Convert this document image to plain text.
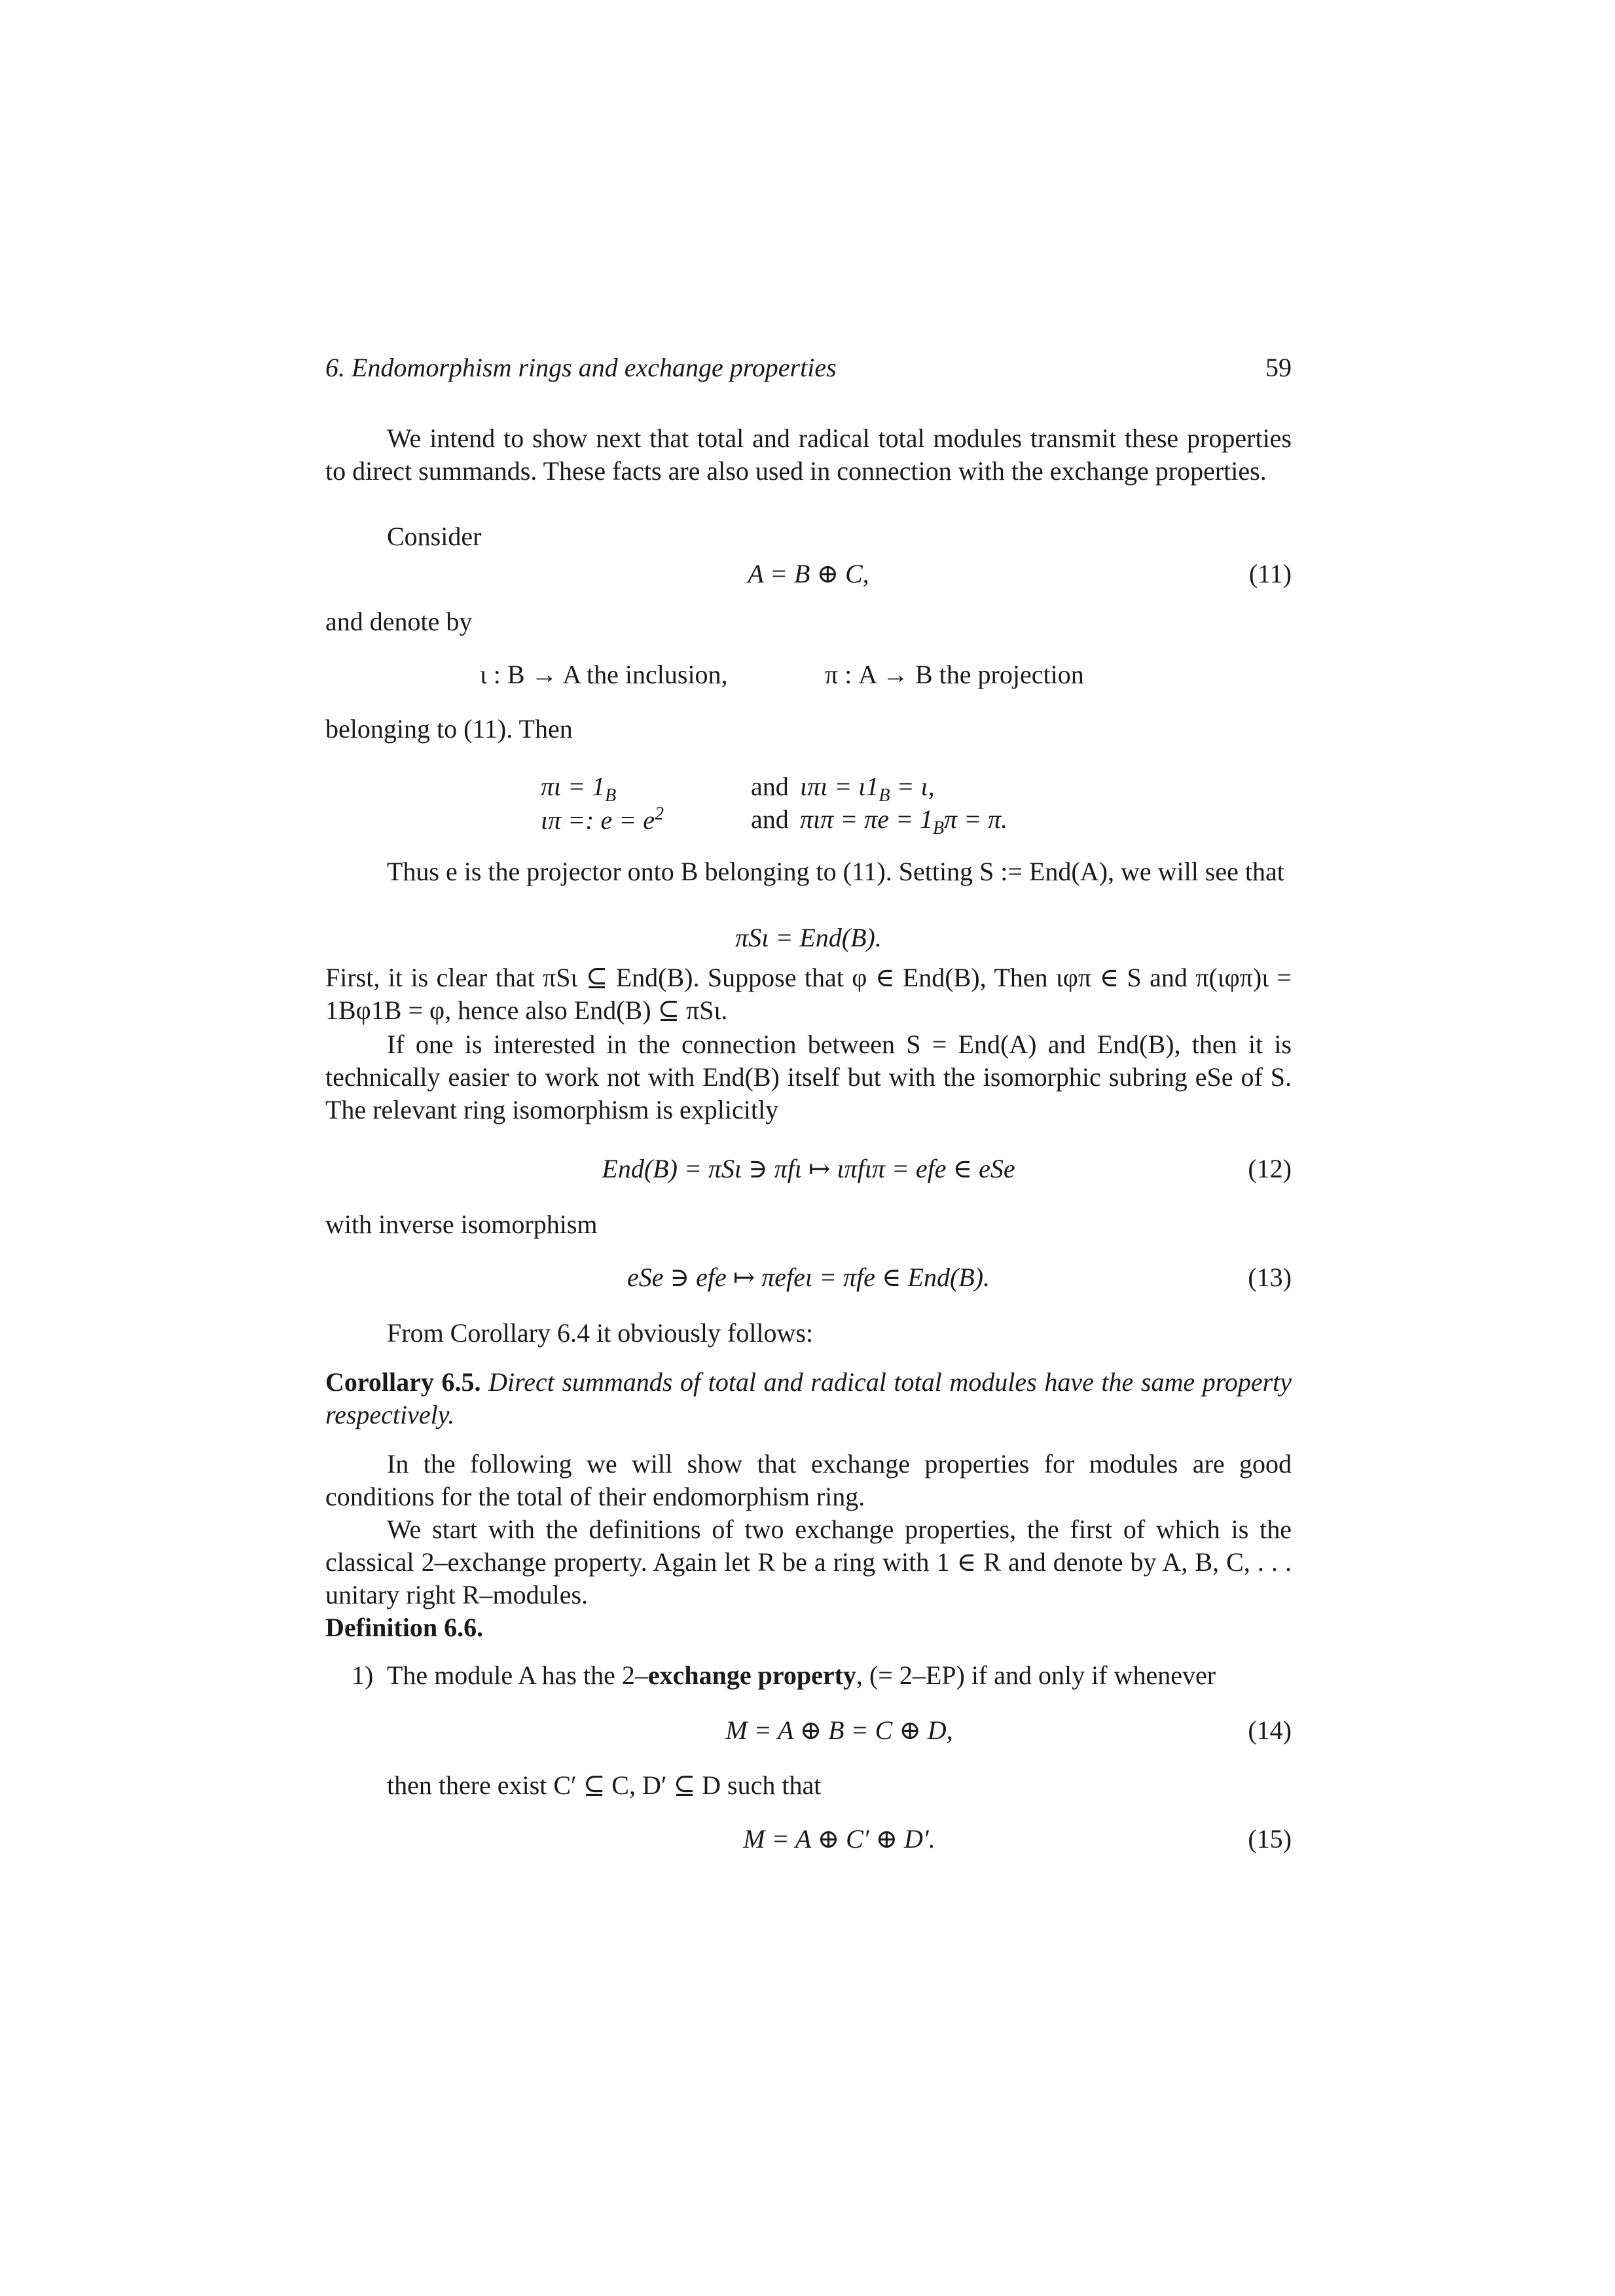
6. Endomorphism rings and exchange properties	59

We intend to show next that total and radical total modules transmit these properties to direct summands. These facts are also used in connection with the exchange properties.

Consider

A = B ⊕ C,	(11)

and denote by

ι : B → A the inclusion,	π : A → B the projection

belonging to (11). Then

$\pi\iota = 1_B$	and $\iota\pi\iota = \iota 1_B = \iota$,
ιπ =: $e = e^2$	and $\pi\iota\pi = \pi e = 1_B\pi = \pi$.

Thus e is the projector onto B belonging to (11). Setting S := End(A), we will see that

πSι = End(B).

First, it is clear that πSι ⊆ End(B). Suppose that φ ∈ End(B), Then ιφπ ∈ S and π(ιφπ)ι = 1Bφ1B = φ, hence also End(B) ⊆ πSι.

If one is interested in the connection between S = End(A) and End(B), then it is technically easier to work not with End(B) itself but with the isomorphic subring eSe of S. The relevant ring isomorphism is explicitly

End(B) = πSι ∋ πfι ↦ ιπfιπ = efe ∈ eSe	(12)

with inverse isomorphism

eSe ∋ efe ↦ πefeι = πfe ∈ End(B).	(13)

From Corollary 6.4 it obviously follows:

Corollary 6.5. Direct summands of total and radical total modules have the same property respectively.

In the following we will show that exchange properties for modules are good conditions for the total of their endomorphism ring.

We start with the definitions of two exchange properties, the first of which is the classical 2–exchange property. Again let R be a ring with 1 ∈ R and denote by A, B, C, . . . unitary right R–modules.

Definition 6.6.

1) The module A has the 2–exchange property, (= 2–EP) if and only if whenever
M = A ⊕ B = C ⊕ D,	(14)
then there exist C′ ⊆ C, D′ ⊆ D such that
M = A ⊕ C′ ⊕ D′.	(15)
